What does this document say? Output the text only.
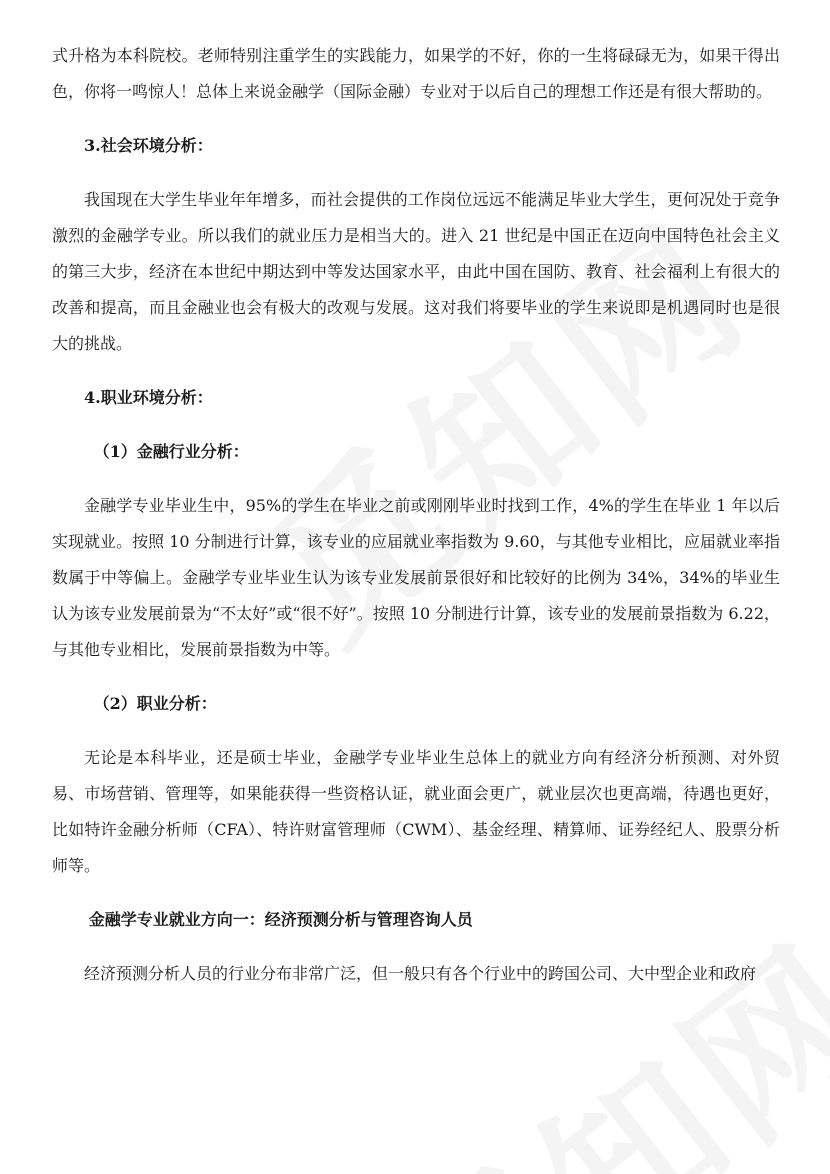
式升格为本科院校。老师特别注重学生的实践能力，如果学的不好，你的一生将碌碌无为，如果干得出色，你将一鸣惊人！总体上来说金融学（国际金融）专业对于以后自己的理想工作还是有很大帮助的。

3.社会环境分析：

我国现在大学生毕业年年增多，而社会提供的工作岗位远远不能满足毕业大学生，更何况处于竞争激烈的金融学专业。所以我们的就业压力是相当大的。进入 21 世纪是中国正在迈向中国特色社会主义的第三大步，经济在本世纪中期达到中等发达国家水平，由此中国在国防、教育、社会福利上有很大的改善和提高，而且金融业也会有极大的改观与发展。这对我们将要毕业的学生来说即是机遇同时也是很大的挑战。

4.职业环境分析：
（1）金融行业分析：

金融学专业毕业生中，95%的学生在毕业之前或刚刚毕业时找到工作，4%的学生在毕业 1 年以后实现就业。按照 10 分制进行计算，该专业的应届就业率指数为 9.60，与其他专业相比，应届就业率指数属于中等偏上。金融学专业毕业生认为该专业发展前景很好和比较好的比例为 34%，34%的毕业生认为该专业发展前景为“不太好”或“很不好”。按照 10 分制进行计算，该专业的发展前景指数为 6.22，与其他专业相比，发展前景指数为中等。

（2）职业分析：

无论是本科毕业，还是硕士毕业，金融学专业毕业生总体上的就业方向有经济分析预测、对外贸易、市场营销、管理等，如果能获得一些资格认证，就业面会更广，就业层次也更高端，待遇也更好，比如特许金融分析师（CFA）、特许财富管理师（CWM）、基金经理、精算师、证券经纪人、股票分析师等。

金融学专业就业方向一：经济预测分析与管理咨询人员

经济预测分析人员的行业分布非常广泛，但一般只有各个行业中的跨国公司、大中型企业和政府
